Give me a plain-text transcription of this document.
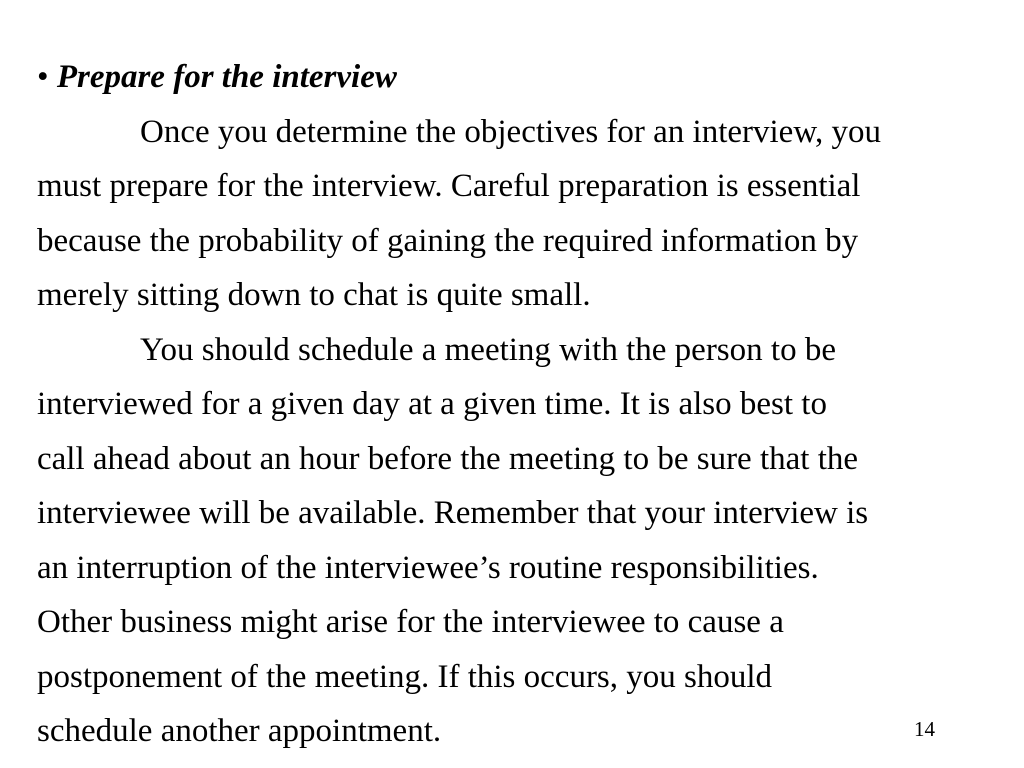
• Prepare for the interview
Once you determine the objectives for an interview, you
must prepare for the interview. Careful preparation is essential
because the probability of gaining the required information by
merely sitting down to chat is quite small.
You should schedule a meeting with the person to be
interviewed for a given day at a given time. It is also best to
call ahead about an hour before the meeting to be sure that the
interviewee will be available. Remember that your interview is
an interruption of the interviewee’s routine responsibilities.
Other business might arise for the interviewee to cause a
postponement of the meeting. If this occurs, you should
schedule another appointment.	14
